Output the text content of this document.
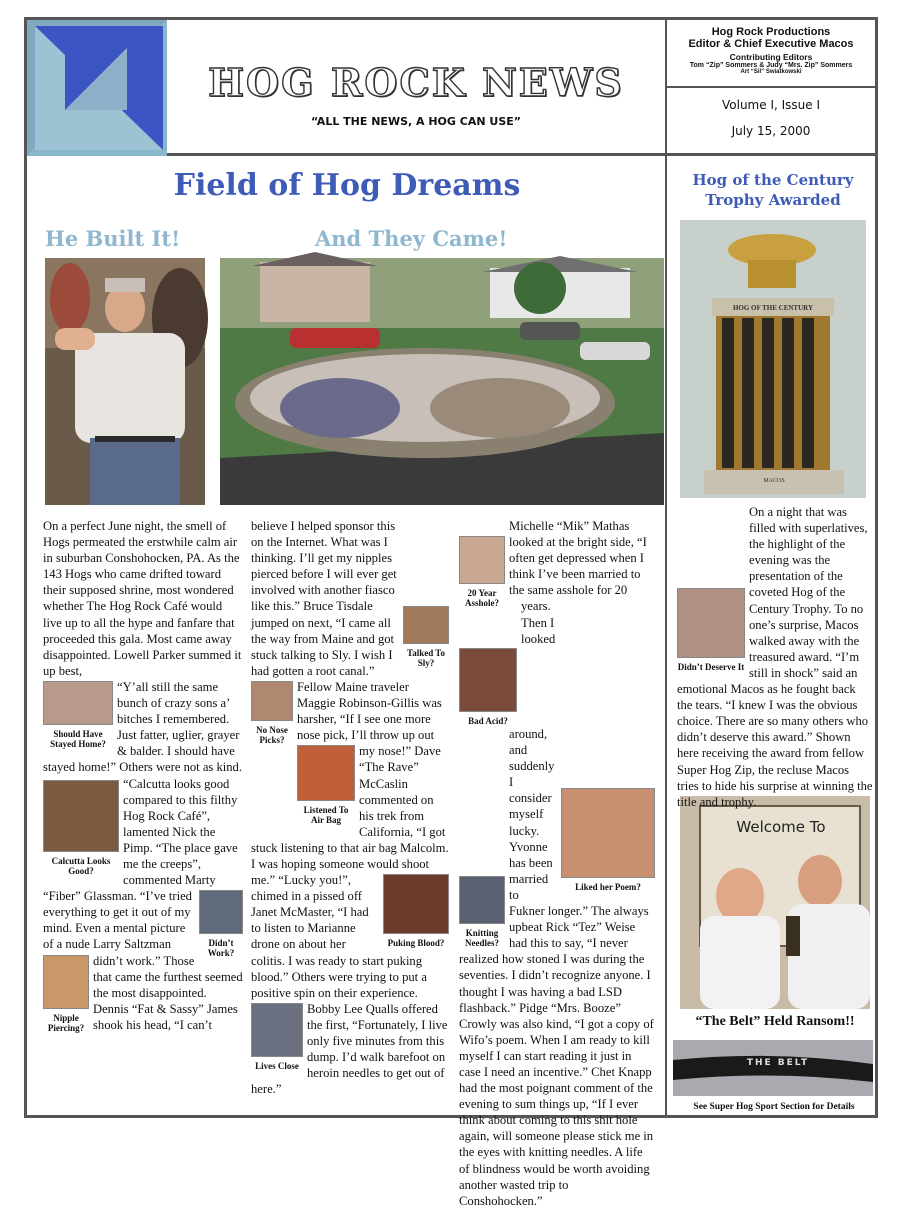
HOG ROCK NEWS
“ALL THE NEWS, A HOG CAN USE”
Hog Rock Productions
Editor & Chief Executive Macos
Contributing Editors
Tom “Zip” Sommers & Judy “Mrs. Zip” Sommers
Art “Sil” Swiatkowski
Volume I, Issue I
July 15, 2000
Field of Hog Dreams
He Built It!	And They Came!
Hog of the Century Trophy Awarded
HOG OF THE CENTURY
MACOS
Welcome To
“The Belt” Held Ransom!!
THE BELT
See Super Hog Sport Section for Details
On a perfect June night, the smell of Hogs permeated the erstwhile calm air in suburban Conshohocken, PA. As the 143 Hogs who came drifted toward their supposed shrine, most wondered whether The Hog Rock Café would live up to all the hype and fanfare that proceeded this gala. Most came away disappointed. Lowell Parker summed it up best,
Should Have Stayed Home?
“Y’all still the same bunch of crazy sons a’ bitches I remembered. Just fatter, uglier, grayer & balder. I should have stayed home!” Others were not as kind.
Calcutta Looks Good?
“Calcutta looks good compared to this filthy Hog Rock Café”, lamented Nick the Pimp. “The place gave me the creeps”, commented Marty “Fiber”
Didn’t Work?
Glassman. “I’ve tried everything to get it out of my mind. Even a mental picture of a nude Larry Saltzman didn’t work.” Those
Nipple Piercing?
that came the furthest seemed the most disappointed. Dennis “Fat & Sassy” James shook his head, “I can’t
Talked To Sly?
believe I helped sponsor this on the Internet. What was I thinking. I’ll get my nipples pierced before I will ever get involved with another fiasco like this.” Bruce Tisdale jumped on next, “I came all the way from Maine and got stuck talking to Sly. I wish I had gotten a root canal.” Fellow
No Nose Picks?
Maine traveler Maggie Robinson-Gillis was harsher, “If I see one more nose pick, I’ll throw up out my nose!” Dave
Listened To Air Bag
“The Rave” McCaslin commented on his trek from California, “I got stuck listening to that air bag Malcolm. I was hoping someone would shoot me.”
Puking Blood?
“Lucky you!”, chimed in a pissed off Janet McMaster, “I had to listen to Marianne drone on about her colitis. I was ready to start puking blood.” Others were trying to put a positive spin on their experience.
Lives Close
Bobby Lee Qualls offered the first, “Fortunately, I live only five minutes from this dump. I’d walk barefoot on heroin needles to get out of here.”
20 Year Asshole?
Bad Acid?
Liked her Poem?
Knitting Needles?
Michelle “Mik” Mathas looked at the bright side, “I often get depressed when I think I’ve been married to the same asshole for 20 years. Then I looked around, and suddenly I consider myself lucky. Yvonne has been married to Fukner longer.” The always upbeat Rick “Tez” Weise had this to say, “I never realized how stoned I was during the seventies. I didn’t recognize anyone. I thought I was having a bad LSD flashback.” Pidge “Mrs. Booze” Crowly was also kind, “I got a copy of Wifo’s poem. When I am ready to kill myself I can start reading it just in case I need an incentive.” Chet Knapp had the most poignant comment of the evening to sum things up, “If I ever think about coming to this shit hole again, will someone please stick me in the eyes with knitting needles. A life of blindness would be worth avoiding another wasted trip to Conshohocken.”
Didn’t Deserve It
On a night that was filled with superlatives, the highlight of the evening was the presentation of the coveted Hog of the Century Trophy. To no one’s surprise, Macos walked away with the treasured award. “I’m still in shock” said an emotional Macos as he fought back the tears. “I knew I was the obvious choice. There are so many others who didn’t deserve this award.” Shown here receiving the award from fellow Super Hog Zip, the recluse Macos tries to hide his surprise at winning the title and trophy.
